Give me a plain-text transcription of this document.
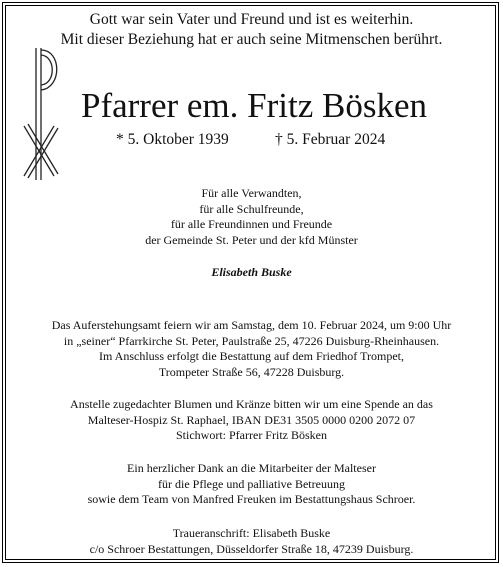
Gott war sein Vater und Freund und ist es weiterhin.
Mit dieser Beziehung hat er auch seine Mitmenschen berührt.
Pfarrer em. Fritz Bösken
* 5. Oktober 1939	† 5. Februar 2024
Für alle Verwandten,
für alle Schulfreunde,
für alle Freundinnen und Freunde
der Gemeinde St. Peter und der kfd Münster
Elisabeth Buske
Das Auferstehungsamt feiern wir am Samstag, dem 10. Februar 2024, um 9:00 Uhr
in „seiner“ Pfarrkirche St. Peter, Paulstraße 25, 47226 Duisburg-Rheinhausen.
Im Anschluss erfolgt die Bestattung auf dem Friedhof Trompet,
Trompeter Straße 56, 47228 Duisburg.
Anstelle zugedachter Blumen und Kränze bitten wir um eine Spende an das
Malteser-Hospiz St. Raphael, IBAN DE31 3505 0000 0200 2072 07
Stichwort: Pfarrer Fritz Bösken
Ein herzlicher Dank an die Mitarbeiter der Malteser
für die Pflege und palliative Betreuung
sowie dem Team von Manfred Freuken im Bestattungshaus Schroer.
Traueranschrift: Elisabeth Buske
c/o Schroer Bestattungen, Düsseldorfer Straße 18, 47239 Duisburg.
